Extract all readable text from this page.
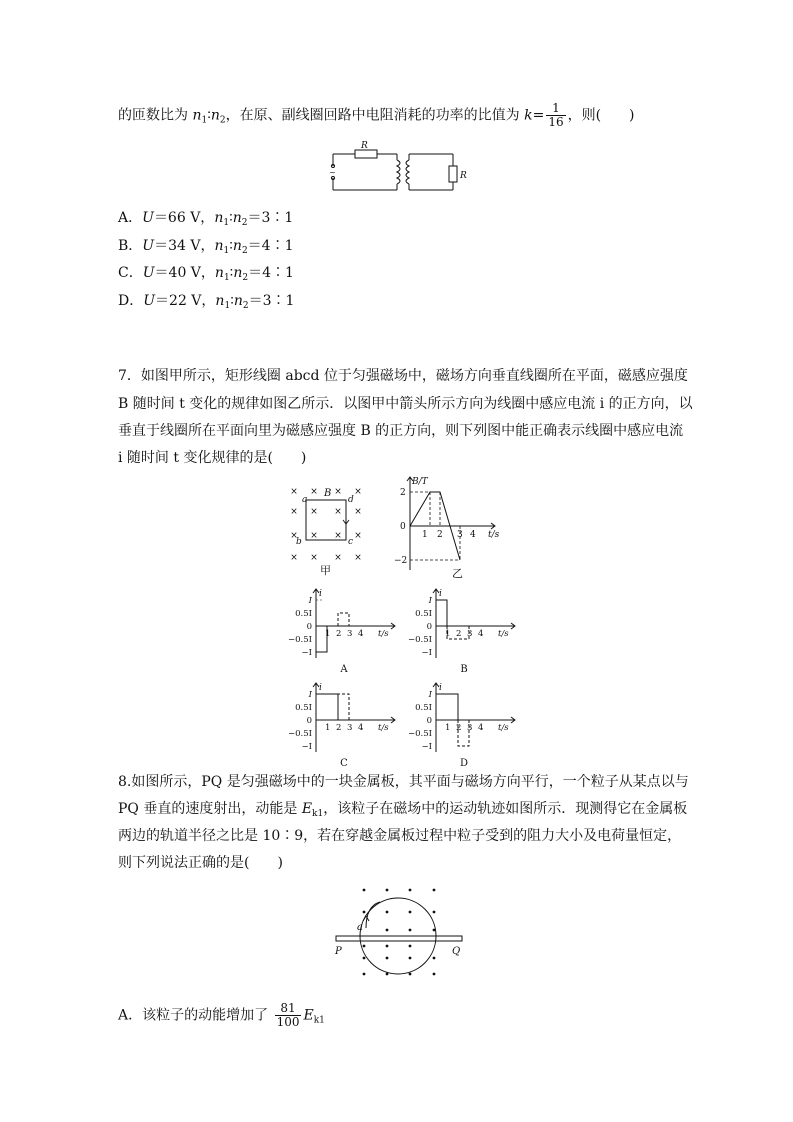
的匝数比为 $n_1∶n_2$，在原、副线圈回路中电阻消耗的功率的比值为 $k= \frac{1}{16}$ ，则(　　)
R
R
~
A．U＝66 V，$n_1∶n_2=3∶1$
B．U＝34 V，$n_1∶n_2=4∶1$
C．U＝40 V，$n_1∶n_2=4∶1$
D．U＝22 V，$n_1∶n_2=3∶1$
7．如图甲所示，矩形线圈 abcd 位于匀强磁场中，磁场方向垂直线圈所在平面，磁感应强度
B 随时间 t 变化的规律如图乙所示．以图甲中箭头所示方向为线圈中感应电流 i 的正方向，以
垂直于线圈所在平面向里为磁感应强度 B 的正方向，则下列图中能正确表示线圈中感应电流
i 随时间 t 变化规律的是(　　)
× × × ×
× × × ×
× × × ×
× × × ×
a
b	c
d
B
甲
B/T
2
0
−2
1 2 3 4 t/s
乙
I
0.5I
0
−0.5I
−I
i
t/s
1 2 3 4
A
I
0.5I
0
−0.5I
−I
i
t/s
1 2 3 4
B
I
0.5I
0
−0.5I
−I
i
t/s
1 2 3 4
C
I
0.5I
0
−0.5I
−I
i
t/s
1 2 3 4
D
8.如图所示，PQ 是匀强磁场中的一块金属板，其平面与磁场方向平行，一个粒子从某点以与
PQ 垂直的速度射出，动能是 $E_{k1}$，该粒子在磁场中的运动轨迹如图所示．现测得它在金属板
两边的轨道半径之比是 10∶9，若在穿越金属板过程中粒子受到的阻力大小及电荷量恒定，
则下列说法正确的是(　　)
P	Q
a
A．该粒子的动能增加了 $\frac{81}{100} E_{k1}$
